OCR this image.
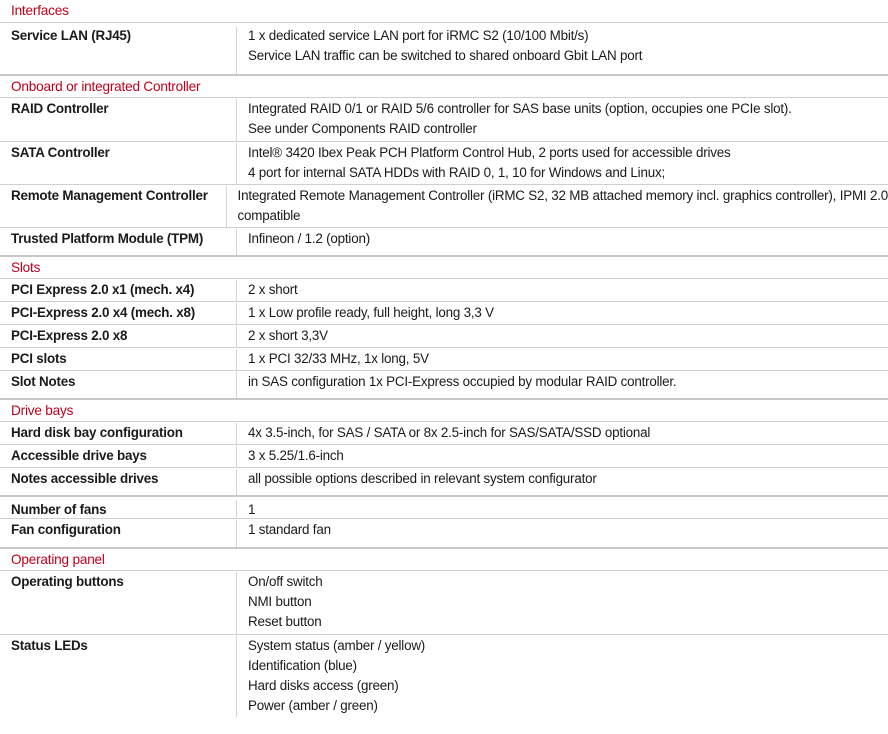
Interfaces
Service LAN (RJ45)	1 x dedicated service LAN port for iRMC S2 (10/100 Mbit/s)
Service LAN traffic can be switched to shared onboard Gbit LAN port
Onboard or integrated Controller
RAID Controller	Integrated RAID 0/1 or RAID 5/6 controller for SAS base units (option, occupies one PCIe slot).
See under Components RAID controller
SATA Controller	Intel® 3420 Ibex Peak PCH Platform Control Hub, 2 ports used for accessible drives
4 port for internal SATA HDDs with RAID 0, 1, 10 for Windows and Linux;
Remote Management Controller	Integrated Remote Management Controller (iRMC S2, 32 MB attached memory incl. graphics controller), IPMI 2.0
compatible
Trusted Platform Module (TPM)	Infineon / 1.2 (option)
Slots
PCI Express 2.0 x1 (mech. x4)	2 x short
PCI-Express 2.0 x4 (mech. x8)	1 x Low profile ready, full height, long 3,3 V
PCI-Express 2.0 x8	2 x short 3,3V
PCI slots	1 x PCI 32/33 MHz, 1x long, 5V
Slot Notes	in SAS configuration 1x PCI-Express occupied by modular RAID controller.
Drive bays
Hard disk bay configuration	4x 3.5-inch, for SAS / SATA or 8x 2.5-inch for SAS/SATA/SSD optional
Accessible drive bays	3 x 5.25/1.6-inch
Notes accessible drives	all possible options described in relevant system configurator
Number of fans	1
Fan configuration	1 standard fan
Operating panel
Operating buttons	On/off switch
NMI button
Reset button
Status LEDs	System status (amber / yellow)
Identification (blue)
Hard disks access (green)
Power (amber / green)
